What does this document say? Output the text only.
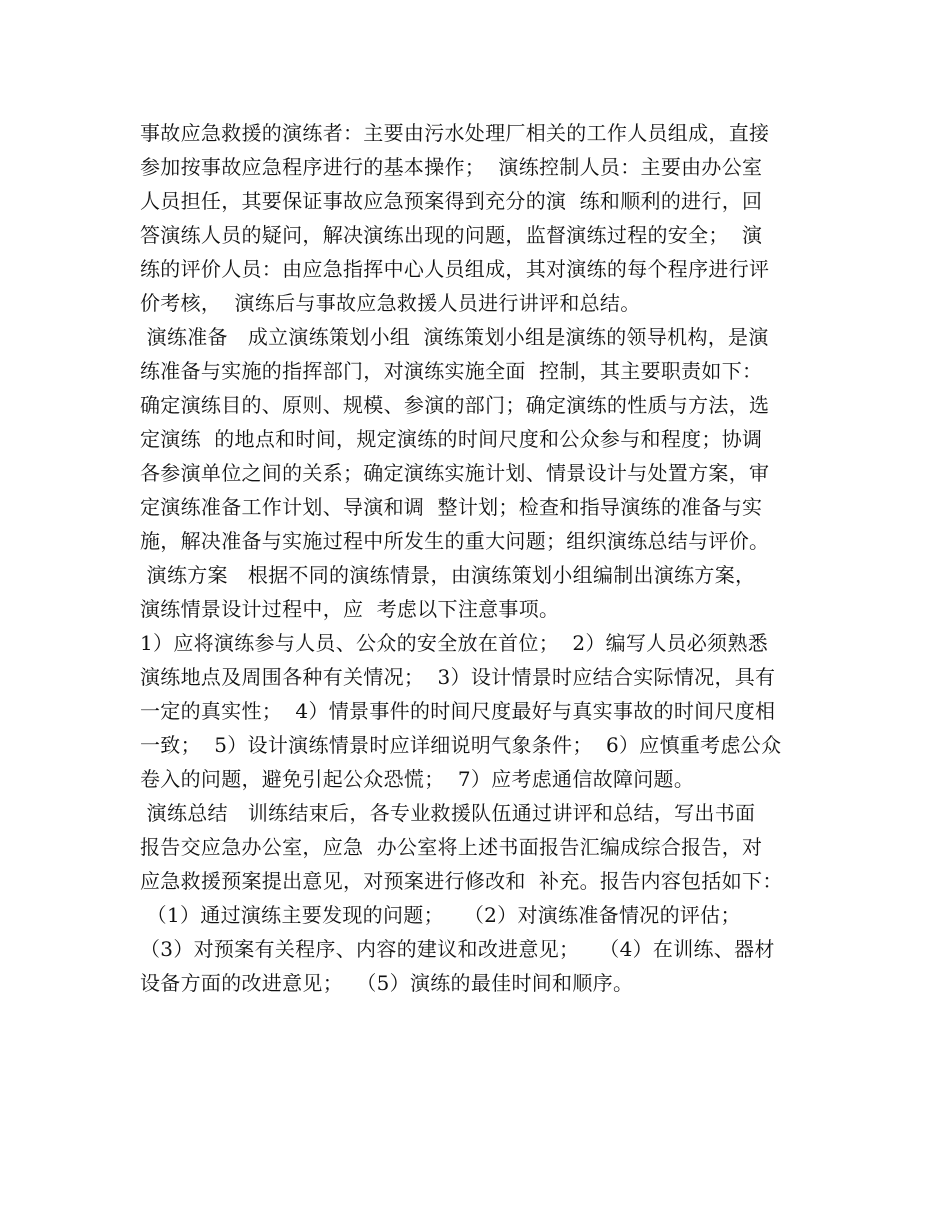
事故应急救援的演练者：主要由污水处理厂相关的工作人员组成，直接
参加按事故应急程序进行的基本操作；  演练控制人员：主要由办公室
人员担任，其要保证事故应急预案得到充分的演  练和顺利的进行，回
答演练人员的疑问，解决演练出现的问题，监督演练过程的安全；  演
练的评价人员：由应急指挥中心人员组成，其对演练的每个程序进行评
价考核，  演练后与事故应急救援人员进行讲评和总结。
演练准备   成立演练策划小组  演练策划小组是演练的领导机构，是演
练准备与实施的指挥部门，对演练实施全面  控制，其主要职责如下：
确定演练目的、原则、规模、参演的部门；确定演练的性质与方法，选
定演练  的地点和时间，规定演练的时间尺度和公众参与和程度；协调
各参演单位之间的关系；确定演练实施计划、情景设计与处置方案，审
定演练准备工作计划、导演和调  整计划；检查和指导演练的准备与实
施，解决准备与实施过程中所发生的重大问题；组织演练总结与评价。
演练方案   根据不同的演练情景，由演练策划小组编制出演练方案，
演练情景设计过程中，应  考虑以下注意事项。
1）应将演练参与人员、公众的安全放在首位；  2）编写人员必须熟悉
演练地点及周围各种有关情况；  3）设计情景时应结合实际情况，具有
一定的真实性；  4）情景事件的时间尺度最好与真实事故的时间尺度相
一致；  5）设计演练情景时应详细说明气象条件；  6）应慎重考虑公众
卷入的问题，避免引起公众恐慌；  7）应考虑通信故障问题。
演练总结   训练结束后，各专业救援队伍通过讲评和总结，写出书面
报告交应急办公室，应急  办公室将上述书面报告汇编成综合报告，对
应急救援预案提出意见，对预案进行修改和  补充。报告内容包括如下：
（1）通过演练主要发现的问题；   （2）对演练准备情况的评估；
（3）对预案有关程序、内容的建议和改进意见；   （4）在训练、器材
设备方面的改进意见；  （5）演练的最佳时间和顺序。
